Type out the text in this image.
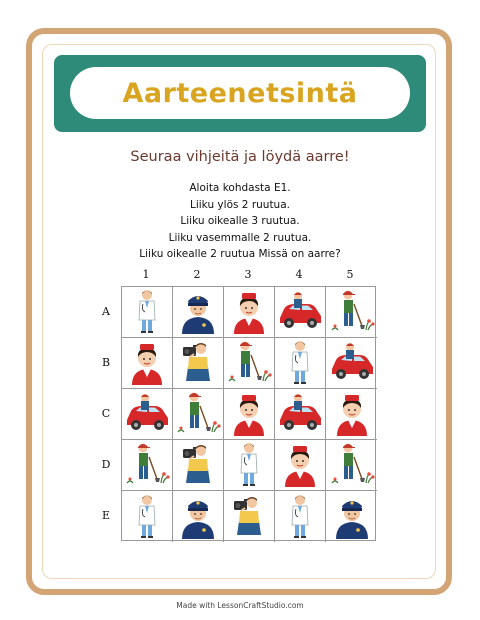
Aarteenetsintä
Seuraa vihjeitä ja löydä aarre!
Aloita kohdasta E1.
Liiku ylös 2 ruutua.
Liiku oikealle 3 ruutua.
Liiku vasemmalle 2 ruutua.
Liiku oikealle 2 ruutua Missä on aarre?
1	2	3	4	5
A
B
C
D
E
Made with LessonCraftStudio.com
